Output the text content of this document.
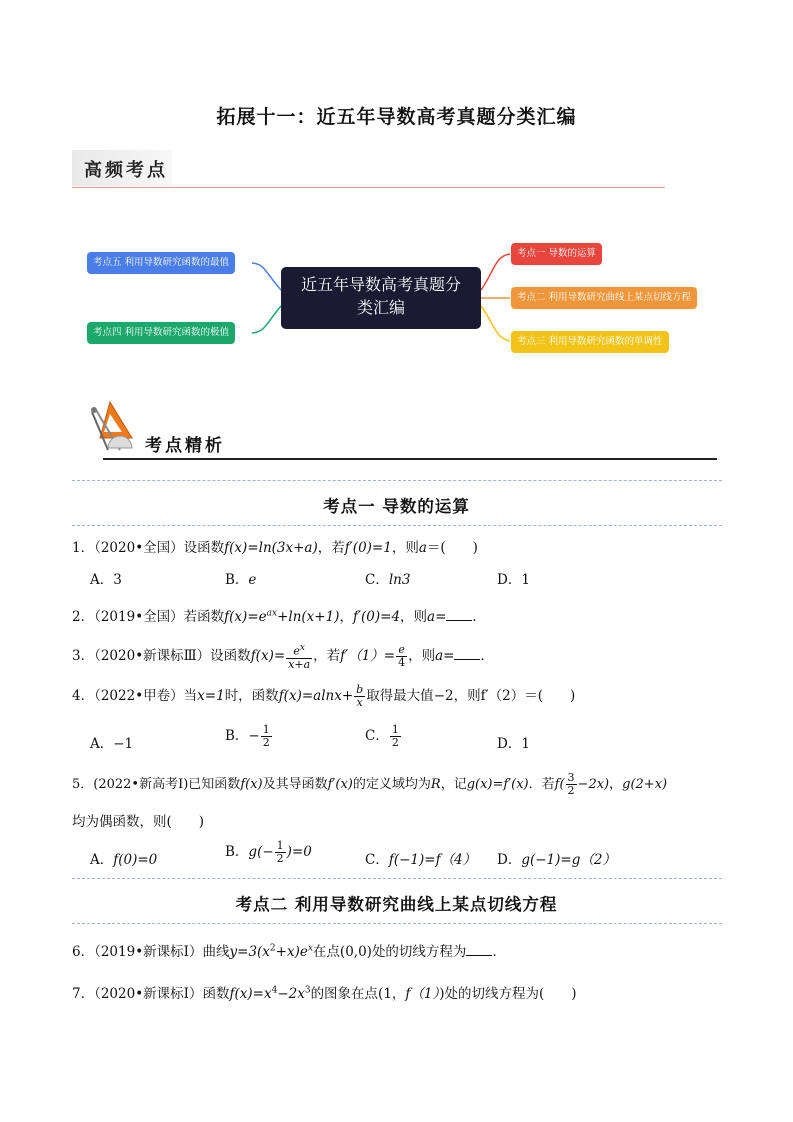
拓展十一：近五年导数高考真题分类汇编
高频考点
近五年导数高考真题分
类汇编
考点一 导数的运算
考点二 利用导数研究曲线上某点切线方程
考点三 利用导数研究函数的单调性
考点四 利用导数研究函数的极值
考点五 利用导数研究函数的最值
考点精析
考点一 导数的运算
1．（2020•全国）设函数f(x)=ln(3x+a)，若f′(0)=1，则a＝(　　)
A．3	B．e	C．ln3	D．1
2．（2019•全国）若函数$f(x)=e^{ax}+\ln(x+1)$，f′(0)=4，则a= ．
3．（2020•新课标Ⅲ）设函数$f(x)= \frac{e^x}{x+a}$ ，若$f'(1)= \frac{e}{4}$ ，则a= ．
4．（2022•甲卷）当x=1时，函数$f(x)=alnx+ \frac{b}{x}$ 取得最大值−2，则f′（2）＝(　　)
A．−1	B．− $\frac{1}{2}$	C． $\frac{1}{2}$	D．1
5．(2022•新高考Ⅰ)已知函数f(x)及其导函数f′(x)的定义域均为R，记g(x)=f′(x)．若$f( \frac{3}{2} -2x)$，g(2+x)
均为偶函数，则(　　)
A．f(0)=0	B．$g(- \frac{1}{2} )=0$	C．f(−1)=f（4） D．g(−1)=g（2）
考点二 利用导数研究曲线上某点切线方程
6．（2019•新课标Ⅰ）曲线$y=3(x^2+x)e^x$在点(0,0)处的切线方程为 ．
7．（2020•新课标Ⅰ）函数$f(x)=x^4-2x^3$的图象在点(1，f（1）)处的切线方程为(　　)
